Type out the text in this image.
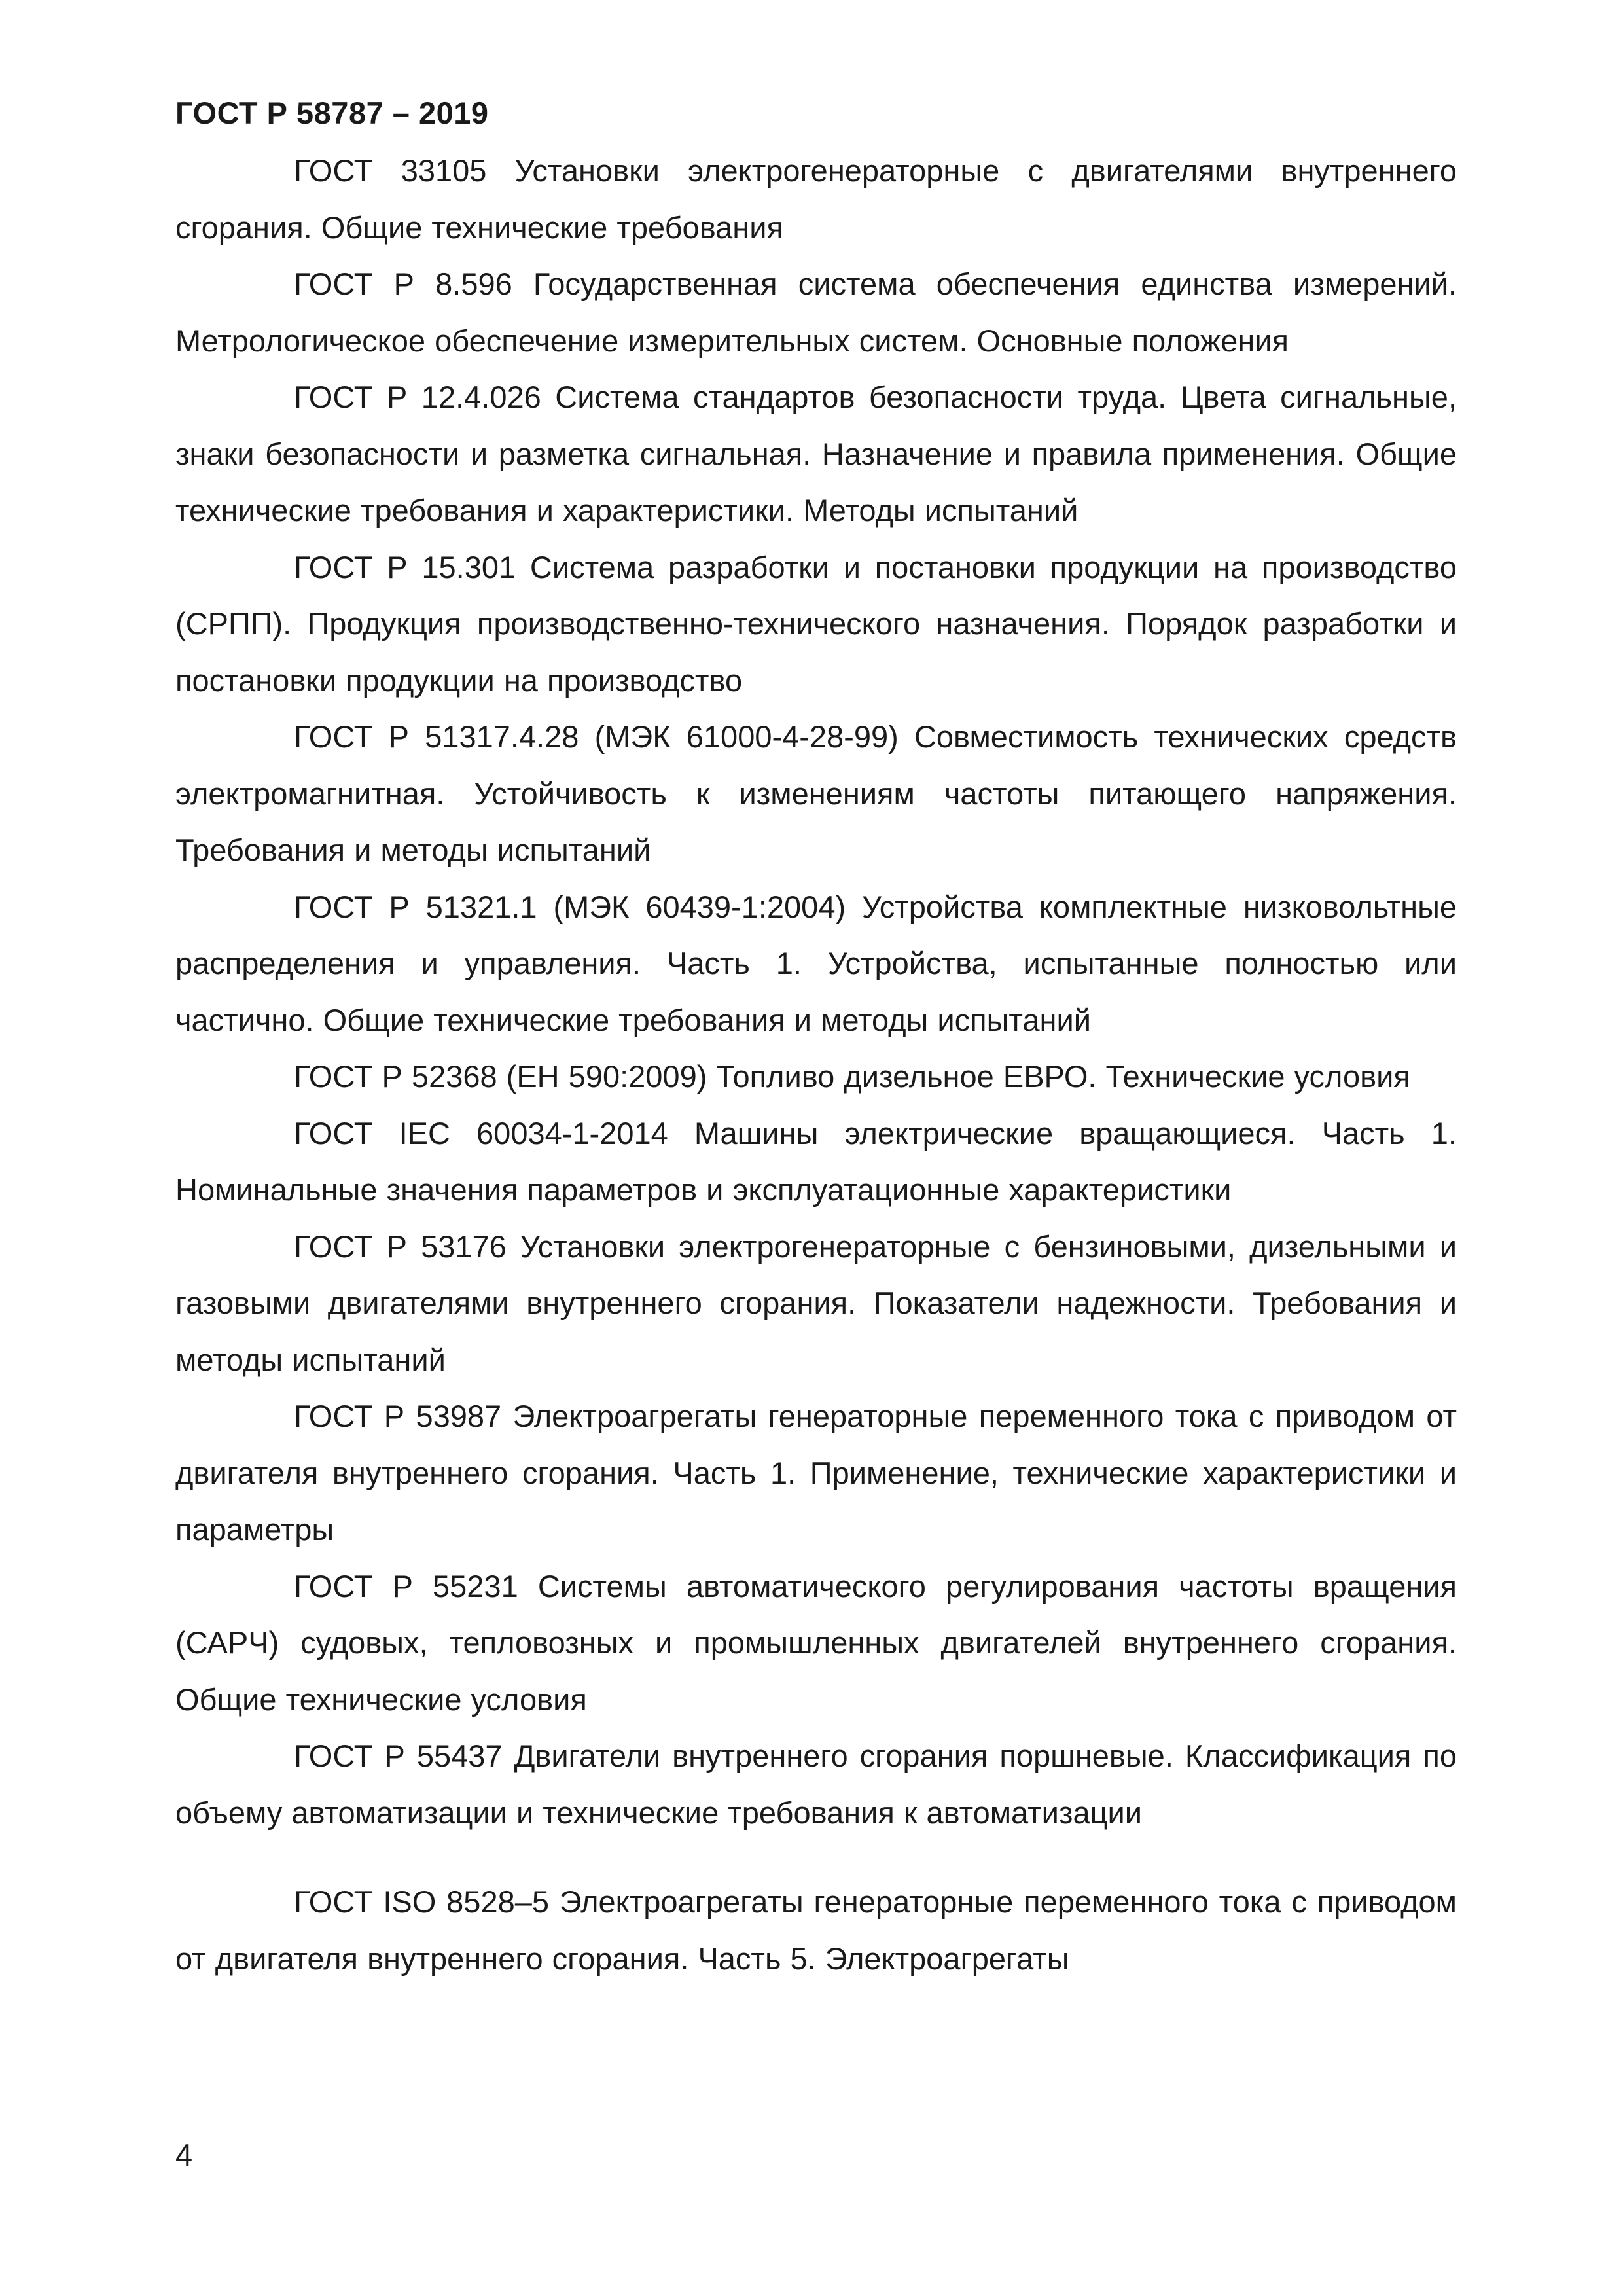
ГОСТ Р 58787 – 2019

ГОСТ 33105 Установки электрогенераторные с двигателями внутреннего сгорания. Общие технические требования

ГОСТ Р 8.596 Государственная система обеспечения единства измерений. Метрологическое обеспечение измерительных систем. Основные положения

ГОСТ Р 12.4.026 Система стандартов безопасности труда. Цвета сигнальные, знаки безопасности и разметка сигнальная. Назначение и правила применения. Общие технические требования и характеристики. Методы испытаний

ГОСТ Р 15.301 Система разработки и постановки продукции на производство (СРПП). Продукция производственно-технического назначения. Порядок разработки и постановки продукции на производство

ГОСТ Р 51317.4.28 (МЭК 61000-4-28-99) Совместимость технических средств электромагнитная. Устойчивость к изменениям частоты питающего напряжения. Требования и методы испытаний

ГОСТ Р 51321.1 (МЭК 60439-1:2004) Устройства комплектные низковольтные распределения и управления. Часть 1. Устройства, испытанные полностью или частично. Общие технические требования и методы испытаний

ГОСТ Р 52368 (ЕН 590:2009) Топливо дизельное ЕВРО. Технические условия

ГОСТ IEC 60034-1-2014 Машины электрические вращающиеся. Часть 1. Номинальные значения параметров и эксплуатационные характеристики

ГОСТ Р 53176 Установки электрогенераторные с бензиновыми, дизельными и газовыми двигателями внутреннего сгорания. Показатели надежности. Требования и методы испытаний

ГОСТ Р 53987 Электроагрегаты генераторные переменного тока с приводом от двигателя внутреннего сгорания. Часть 1. Применение, технические характеристики и параметры

ГОСТ Р 55231 Системы автоматического регулирования частоты вращения (САРЧ) судовых, тепловозных и промышленных двигателей внутреннего сгорания. Общие технические условия

ГОСТ Р 55437 Двигатели внутреннего сгорания поршневые. Классификация по объему автоматизации и технические требования к автоматизации

ГОСТ ISO 8528‒5 Электроагрегаты генераторные переменного тока с приводом от двигателя внутреннего сгорания. Часть 5. Электроагрегаты

4
